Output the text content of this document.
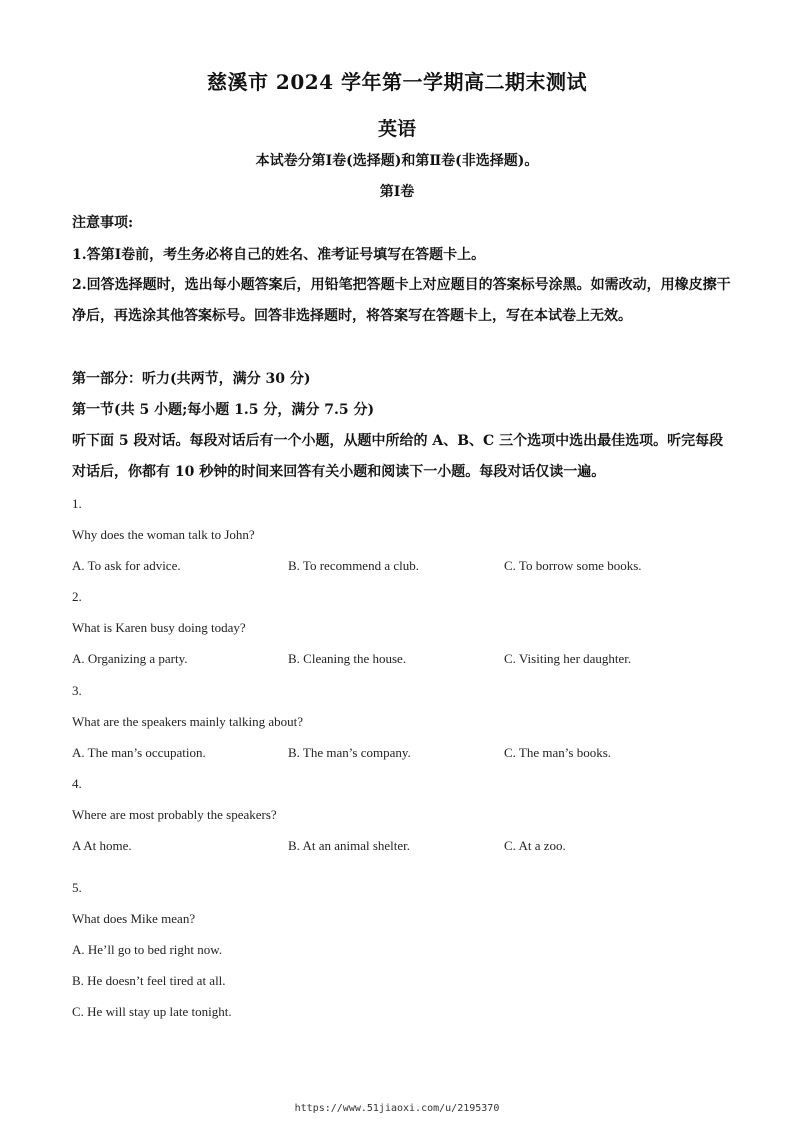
慈溪市 2024 学年第一学期高二期末测试
英语
本试卷分第Ⅰ卷(选择题)和第Ⅱ卷(非选择题)。
第Ⅰ卷
注意事项:
1.答第Ⅰ卷前，考生务必将自己的姓名、准考证号填写在答题卡上。
2.回答选择题时，选出每小题答案后，用铅笔把答题卡上对应题目的答案标号涂黑。如需改动，用橡皮擦干净后，再选涂其他答案标号。回答非选择题时，将答案写在答题卡上，写在本试卷上无效。
第一部分：听力(共两节，满分 30 分)
第一节(共 5 小题;每小题 1.5 分，满分 7.5 分)
听下面 5 段对话。每段对话后有一个小题，从题中所给的 A、B、C 三个选项中选出最佳选项。听完每段对话后，你都有 10 秒钟的时间来回答有关小题和阅读下一小题。每段对话仅读一遍。
1.
Why does the woman talk to John?
A. To ask for advice.	B. To recommend a club.	C. To borrow some books.
2.
What is Karen busy doing today?
A. Organizing a party.	B. Cleaning the house.	C. Visiting her daughter.
3.
What are the speakers mainly talking about?
A. The man’s occupation.	B. The man’s company.	C. The man’s books.
4.
Where are most probably the speakers?
A At home.	B. At an animal shelter.	C. At a zoo.
5.
What does Mike mean?
A. He’ll go to bed right now.
B. He doesn’t feel tired at all.
C. He will stay up late tonight.
https://www.51jiaoxi.com/u/2195370
